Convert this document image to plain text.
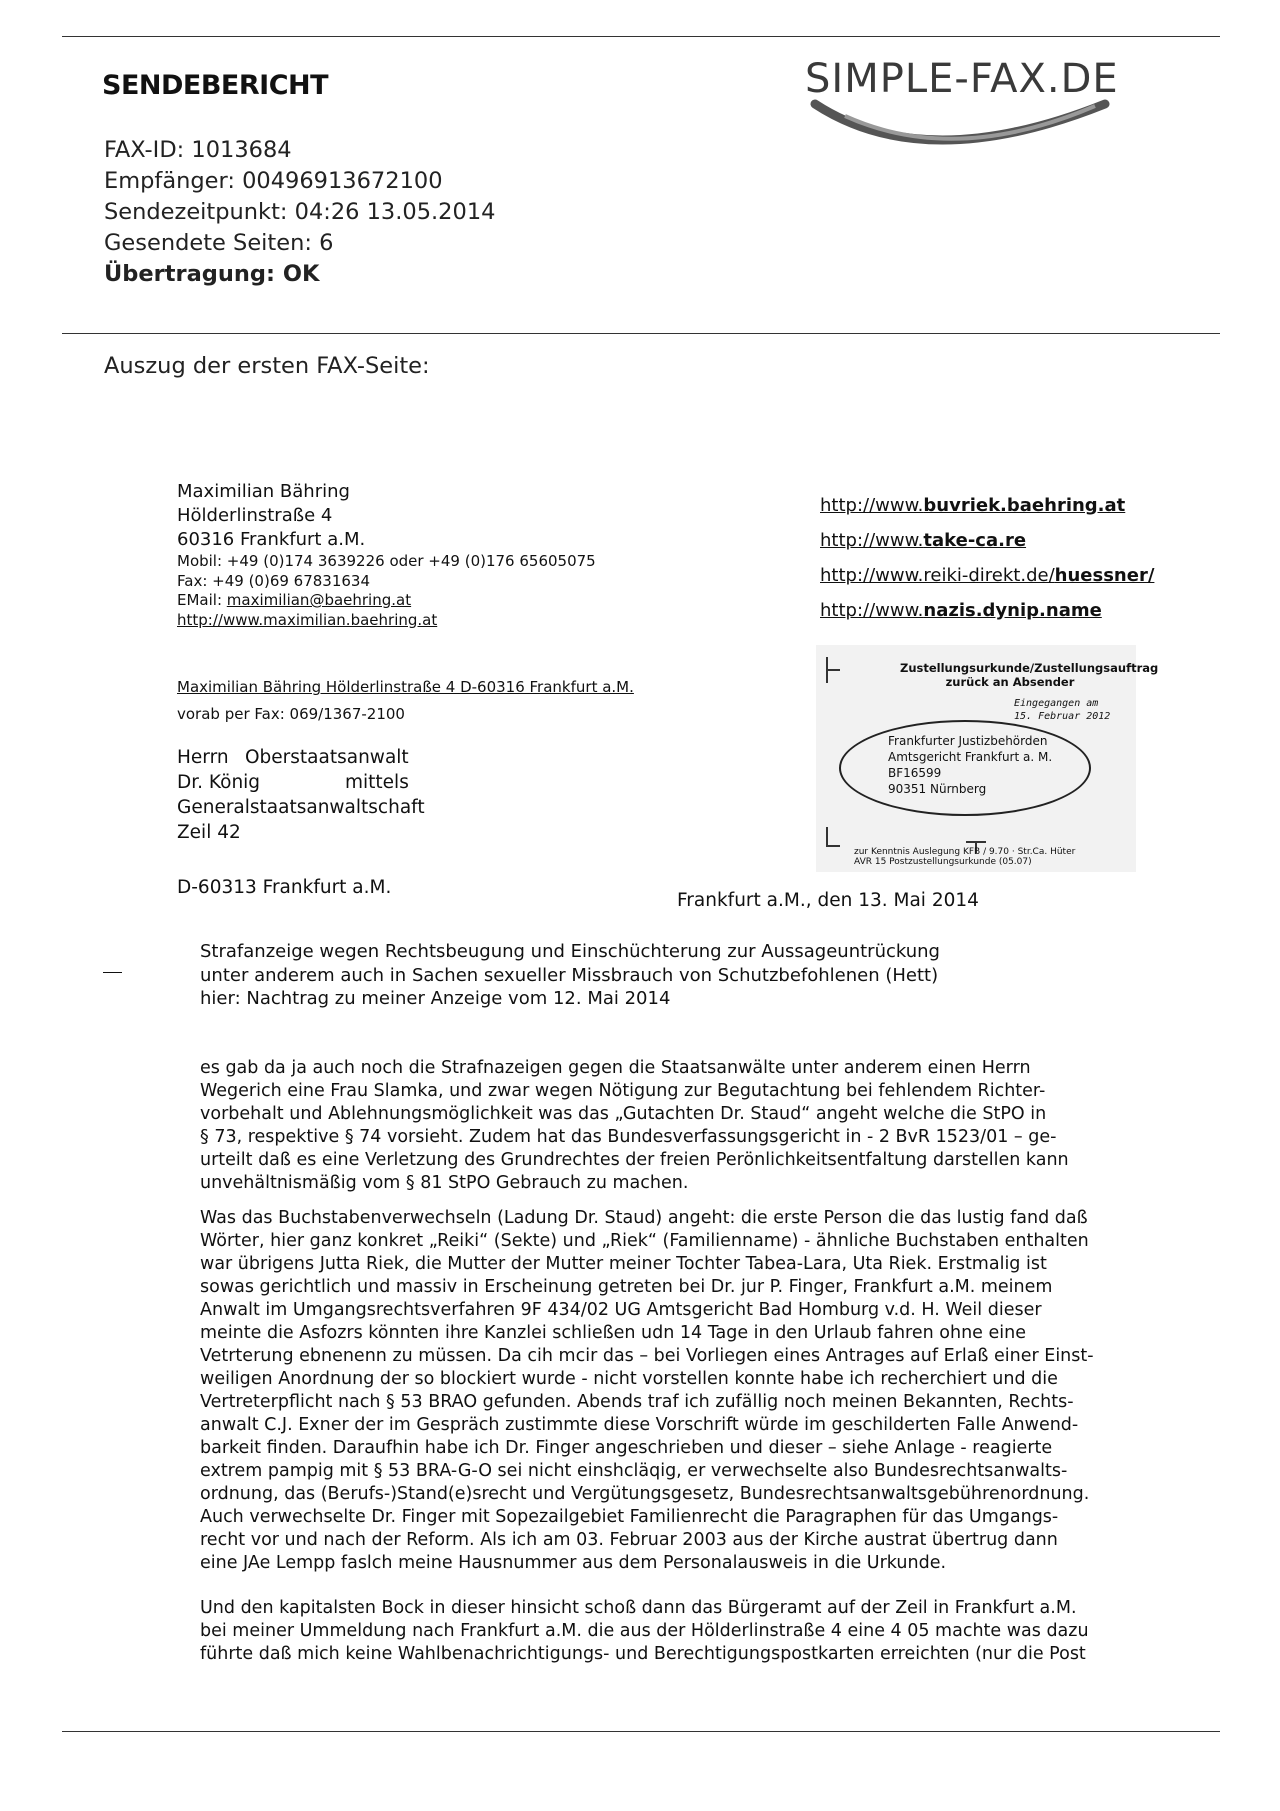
SENDEBERICHT	SIMPLE-FAX.DE
FAX-ID: 1013684
Empfänger: 00496913672100
Sendezeitpunkt: 04:26 13.05.2014
Gesendete Seiten: 6
Übertragung: OK
Auszug der ersten FAX-Seite:
Maximilian Bähring
Hölderlinstraße 4
60316 Frankfurt a.M.
Mobil: +49 (0)174 3639226 oder +49 (0)176 65605075
Fax: +49 (0)69 67831634
EMail: maximilian@baehring.at
http://www.maximilian.baehring.at
http://www.buvriek.baehring.at
http://www.take-ca.re
http://www.reiki-direkt.de/huessner/
http://www.nazis.dynip.name
Zustellungsurkunde/Zustellungsauftrag
zurück an Absender
Eingegangen am
15. Februar 2012
Frankfurter Justizbehörden
Amtsgericht Frankfurt a. M.
BF16599
90351 Nürnberg
zur Kenntnis Auslegung KFB / 9.70 · Str.Ca. Hüter
AVR 15 Postzustellungsurkunde (05.07)
Maximilian Bähring Hölderlinstraße 4 D-60316 Frankfurt a.M.
vorab per Fax: 069/1367-2100
Herrn Oberstaatsanwalt
Dr. König	mittels
Generalstaatsanwaltschaft
Zeil 42
D-60313 Frankfurt a.M.
Frankfurt a.M., den 13. Mai 2014
Strafanzeige wegen Rechtsbeugung und Einschüchterung zur Aussageuntrückung
unter anderem auch in Sachen sexueller Missbrauch von Schutzbefohlenen (Hett)
hier: Nachtrag zu meiner Anzeige vom 12. Mai 2014

es gab da ja auch noch die Strafnazeigen gegen die Staatsanwälte unter anderem einen Herrn
Wegerich eine Frau Slamka, und zwar wegen Nötigung zur Begutachtung bei fehlendem Richter-
vorbehalt und Ablehnungsmöglichkeit was das „Gutachten Dr. Staud“ angeht welche die StPO in
§ 73, respektive § 74 vorsieht. Zudem hat das Bundesverfassungsgericht in - 2 BvR 1523/01 – ge-
urteilt daß es eine Verletzung des Grundrechtes der freien Perönlichkeitsentfaltung darstellen kann
unvehältnismäßig vom § 81 StPO Gebrauch zu machen.

Was das Buchstabenverwechseln (Ladung Dr. Staud) angeht: die erste Person die das lustig fand daß
Wörter, hier ganz konkret „Reiki“ (Sekte) und „Riek“ (Familienname) - ähnliche Buchstaben enthalten
war übrigens Jutta Riek, die Mutter der Mutter meiner Tochter Tabea-Lara, Uta Riek. Erstmalig ist
sowas gerichtlich und massiv in Erscheinung getreten bei Dr. jur P. Finger, Frankfurt a.M. meinem
Anwalt im Umgangsrechtsverfahren 9F 434/02 UG Amtsgericht Bad Homburg v.d. H. Weil dieser
meinte die Asfozrs könnten ihre Kanzlei schließen udn 14 Tage in den Urlaub fahren ohne eine
Vetrterung ebnenenn zu müssen. Da cih mcir das – bei Vorliegen eines Antrages auf Erlaß einer Einst-
weiligen Anordnung der so blockiert wurde - nicht vorstellen konnte habe ich recherchiert und die
Vertreterpflicht nach § 53 BRAO gefunden. Abends traf ich zufällig noch meinen Bekannten, Rechts-
anwalt C.J. Exner der im Gespräch zustimmte diese Vorschrift würde im geschilderten Falle Anwend-
barkeit finden. Daraufhin habe ich Dr. Finger angeschrieben und dieser – siehe Anlage - reagierte
extrem pampig mit § 53 BRA-G-O sei nicht einshcläqig, er verwechselte also Bundesrechtsanwalts-
ordnung, das (Berufs-)Stand(e)srecht und Vergütungsgesetz, Bundesrechtsanwaltsgebührenordnung.
Auch verwechselte Dr. Finger mit Sopezailgebiet Familienrecht die Paragraphen für das Umgangs-
recht vor und nach der Reform. Als ich am 03. Februar 2003 aus der Kirche austrat übertrug dann
eine JAe Lempp faslch meine Hausnummer aus dem Personalausweis in die Urkunde.

Und den kapitalsten Bock in dieser hinsicht schoß dann das Bürgeramt auf der Zeil in Frankfurt a.M.
bei meiner Ummeldung nach Frankfurt a.M. die aus der Hölderlinstraße 4 eine 4 05 machte was dazu
führte daß mich keine Wahlbenachrichtigungs- und Berechtigungspostkarten erreichten (nur die Post
